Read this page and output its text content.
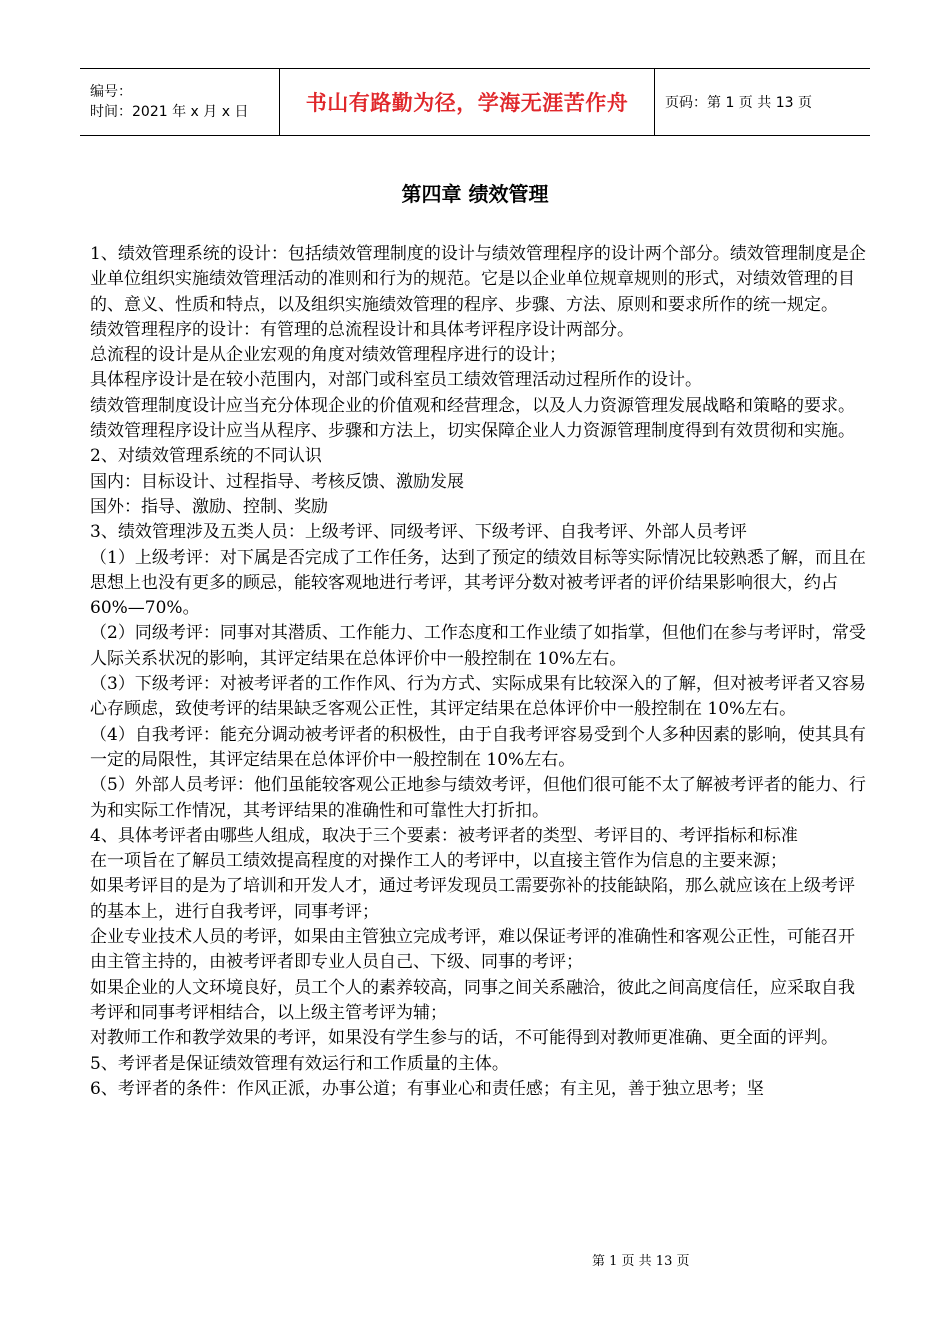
编号：
时间：2021 年 x 月 x 日	书山有路勤为径，学海无涯苦作舟	页码：第 1 页 共 13 页
第四章 绩效管理

1、绩效管理系统的设计：包括绩效管理制度的设计与绩效管理程序的设计两个部分。绩效管理制度是企业单位组织实施绩效管理活动的准则和行为的规范。它是以企业单位规章规则的形式，对绩效管理的目的、意义、性质和特点，以及组织实施绩效管理的程序、步骤、方法、原则和要求所作的统一规定。

绩效管理程序的设计：有管理的总流程设计和具体考评程序设计两部分。

总流程的设计是从企业宏观的角度对绩效管理程序进行的设计；

具体程序设计是在较小范围内，对部门或科室员工绩效管理活动过程所作的设计。

绩效管理制度设计应当充分体现企业的价值观和经营理念，以及人力资源管理发展战略和策略的要求。

绩效管理程序设计应当从程序、步骤和方法上，切实保障企业人力资源管理制度得到有效贯彻和实施。

2、对绩效管理系统的不同认识

国内：目标设计、过程指导、考核反馈、激励发展

国外：指导、激励、控制、奖励

3、绩效管理涉及五类人员：上级考评、同级考评、下级考评、自我考评、外部人员考评

（1）上级考评：对下属是否完成了工作任务，达到了预定的绩效目标等实际情况比较熟悉了解，而且在思想上也没有更多的顾忌，能较客观地进行考评，其考评分数对被考评者的评价结果影响很大，约占 60%—70%。

（2）同级考评：同事对其潜质、工作能力、工作态度和工作业绩了如指掌，但他们在参与考评时，常受人际关系状况的影响，其评定结果在总体评价中一般控制在 10%左右。

（3）下级考评：对被考评者的工作作风、行为方式、实际成果有比较深入的了解，但对被考评者又容易心存顾虑，致使考评的结果缺乏客观公正性，其评定结果在总体评价中一般控制在 10%左右。

（4）自我考评：能充分调动被考评者的积极性，由于自我考评容易受到个人多种因素的影响，使其具有一定的局限性，其评定结果在总体评价中一般控制在 10%左右。

（5）外部人员考评：他们虽能较客观公正地参与绩效考评，但他们很可能不太了解被考评者的能力、行为和实际工作情况，其考评结果的准确性和可靠性大打折扣。

4、具体考评者由哪些人组成，取决于三个要素：被考评者的类型、考评目的、考评指标和标准

在一项旨在了解员工绩效提高程度的对操作工人的考评中，以直接主管作为信息的主要来源；

如果考评目的是为了培训和开发人才，通过考评发现员工需要弥补的技能缺陷，那么就应该在上级考评的基本上，进行自我考评，同事考评；

企业专业技术人员的考评，如果由主管独立完成考评，难以保证考评的准确性和客观公正性，可能召开由主管主持的，由被考评者即专业人员自己、下级、同事的考评；

如果企业的人文环境良好，员工个人的素养较高，同事之间关系融洽，彼此之间高度信任，应采取自我考评和同事考评相结合，以上级主管考评为辅；

对教师工作和教学效果的考评，如果没有学生参与的话，不可能得到对教师更准确、更全面的评判。

5、考评者是保证绩效管理有效运行和工作质量的主体。

6、考评者的条件：作风正派，办事公道；有事业心和责任感；有主见，善于独立思考；坚

第 1 页 共 13 页
